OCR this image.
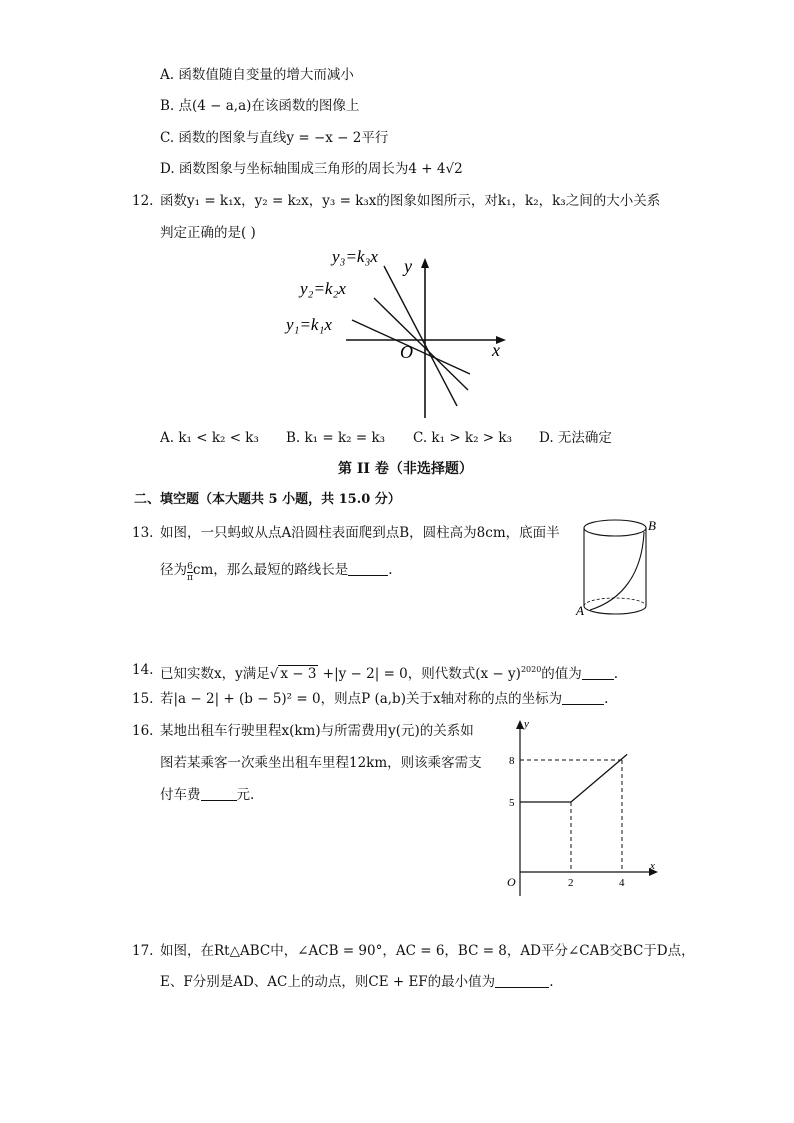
A. 函数值随自变量的增大而减小
B. 点(4 − a,a)在该函数的图像上
C. 函数的图象与直线y = −x − 2平行
D. 函数图象与坐标轴围成三角形的周长为4 + 4√2
12. 函数y₁ = k₁x，y₂ = k₂x，y₃ = k₃x的图象如图所示，对k₁，k₂，k₃之间的大小关系
判定正确的是( )
y₃=k₃x
y₂=k₂x
y₁=k₁x
y
x
O
A. k₁ < k₂ < k₃ B. k₁ = k₂ = k₃ C. k₁ > k₂ > k₃ D. 无法确定
第 II 卷（非选择题）
二、填空题（本大题共 5 小题，共 15.0 分）
13. 如图，一只蚂蚁从点A沿圆柱表面爬到点B，圆柱高为8cm，底面半
径为 $\frac{6}{\pi}$ cm，那么最短的路线长是	.
B
A
14. 已知实数x，y满足√ x − 3 +|y − 2| = 0，则代数式$(x - y)^{2020}$的值为 .
15. 若|a − 2| + (b − 5)² = 0，则点P (a,b)关于x轴对称的点的坐标为	.
16. 某地出租车行驶里程x(km)与所需费用y(元)的关系如
图若某乘客一次乘坐出租车里程12km，则该乘客需支
付车费	元.
y
x
O	2	4
5
8
17. 如图，在Rt△ABC中，∠ACB = 90°，AC = 6，BC = 8，AD平分∠CAB交BC于D点，
E、F分别是AD、AC上的动点，则CE + EF的最小值为	.
